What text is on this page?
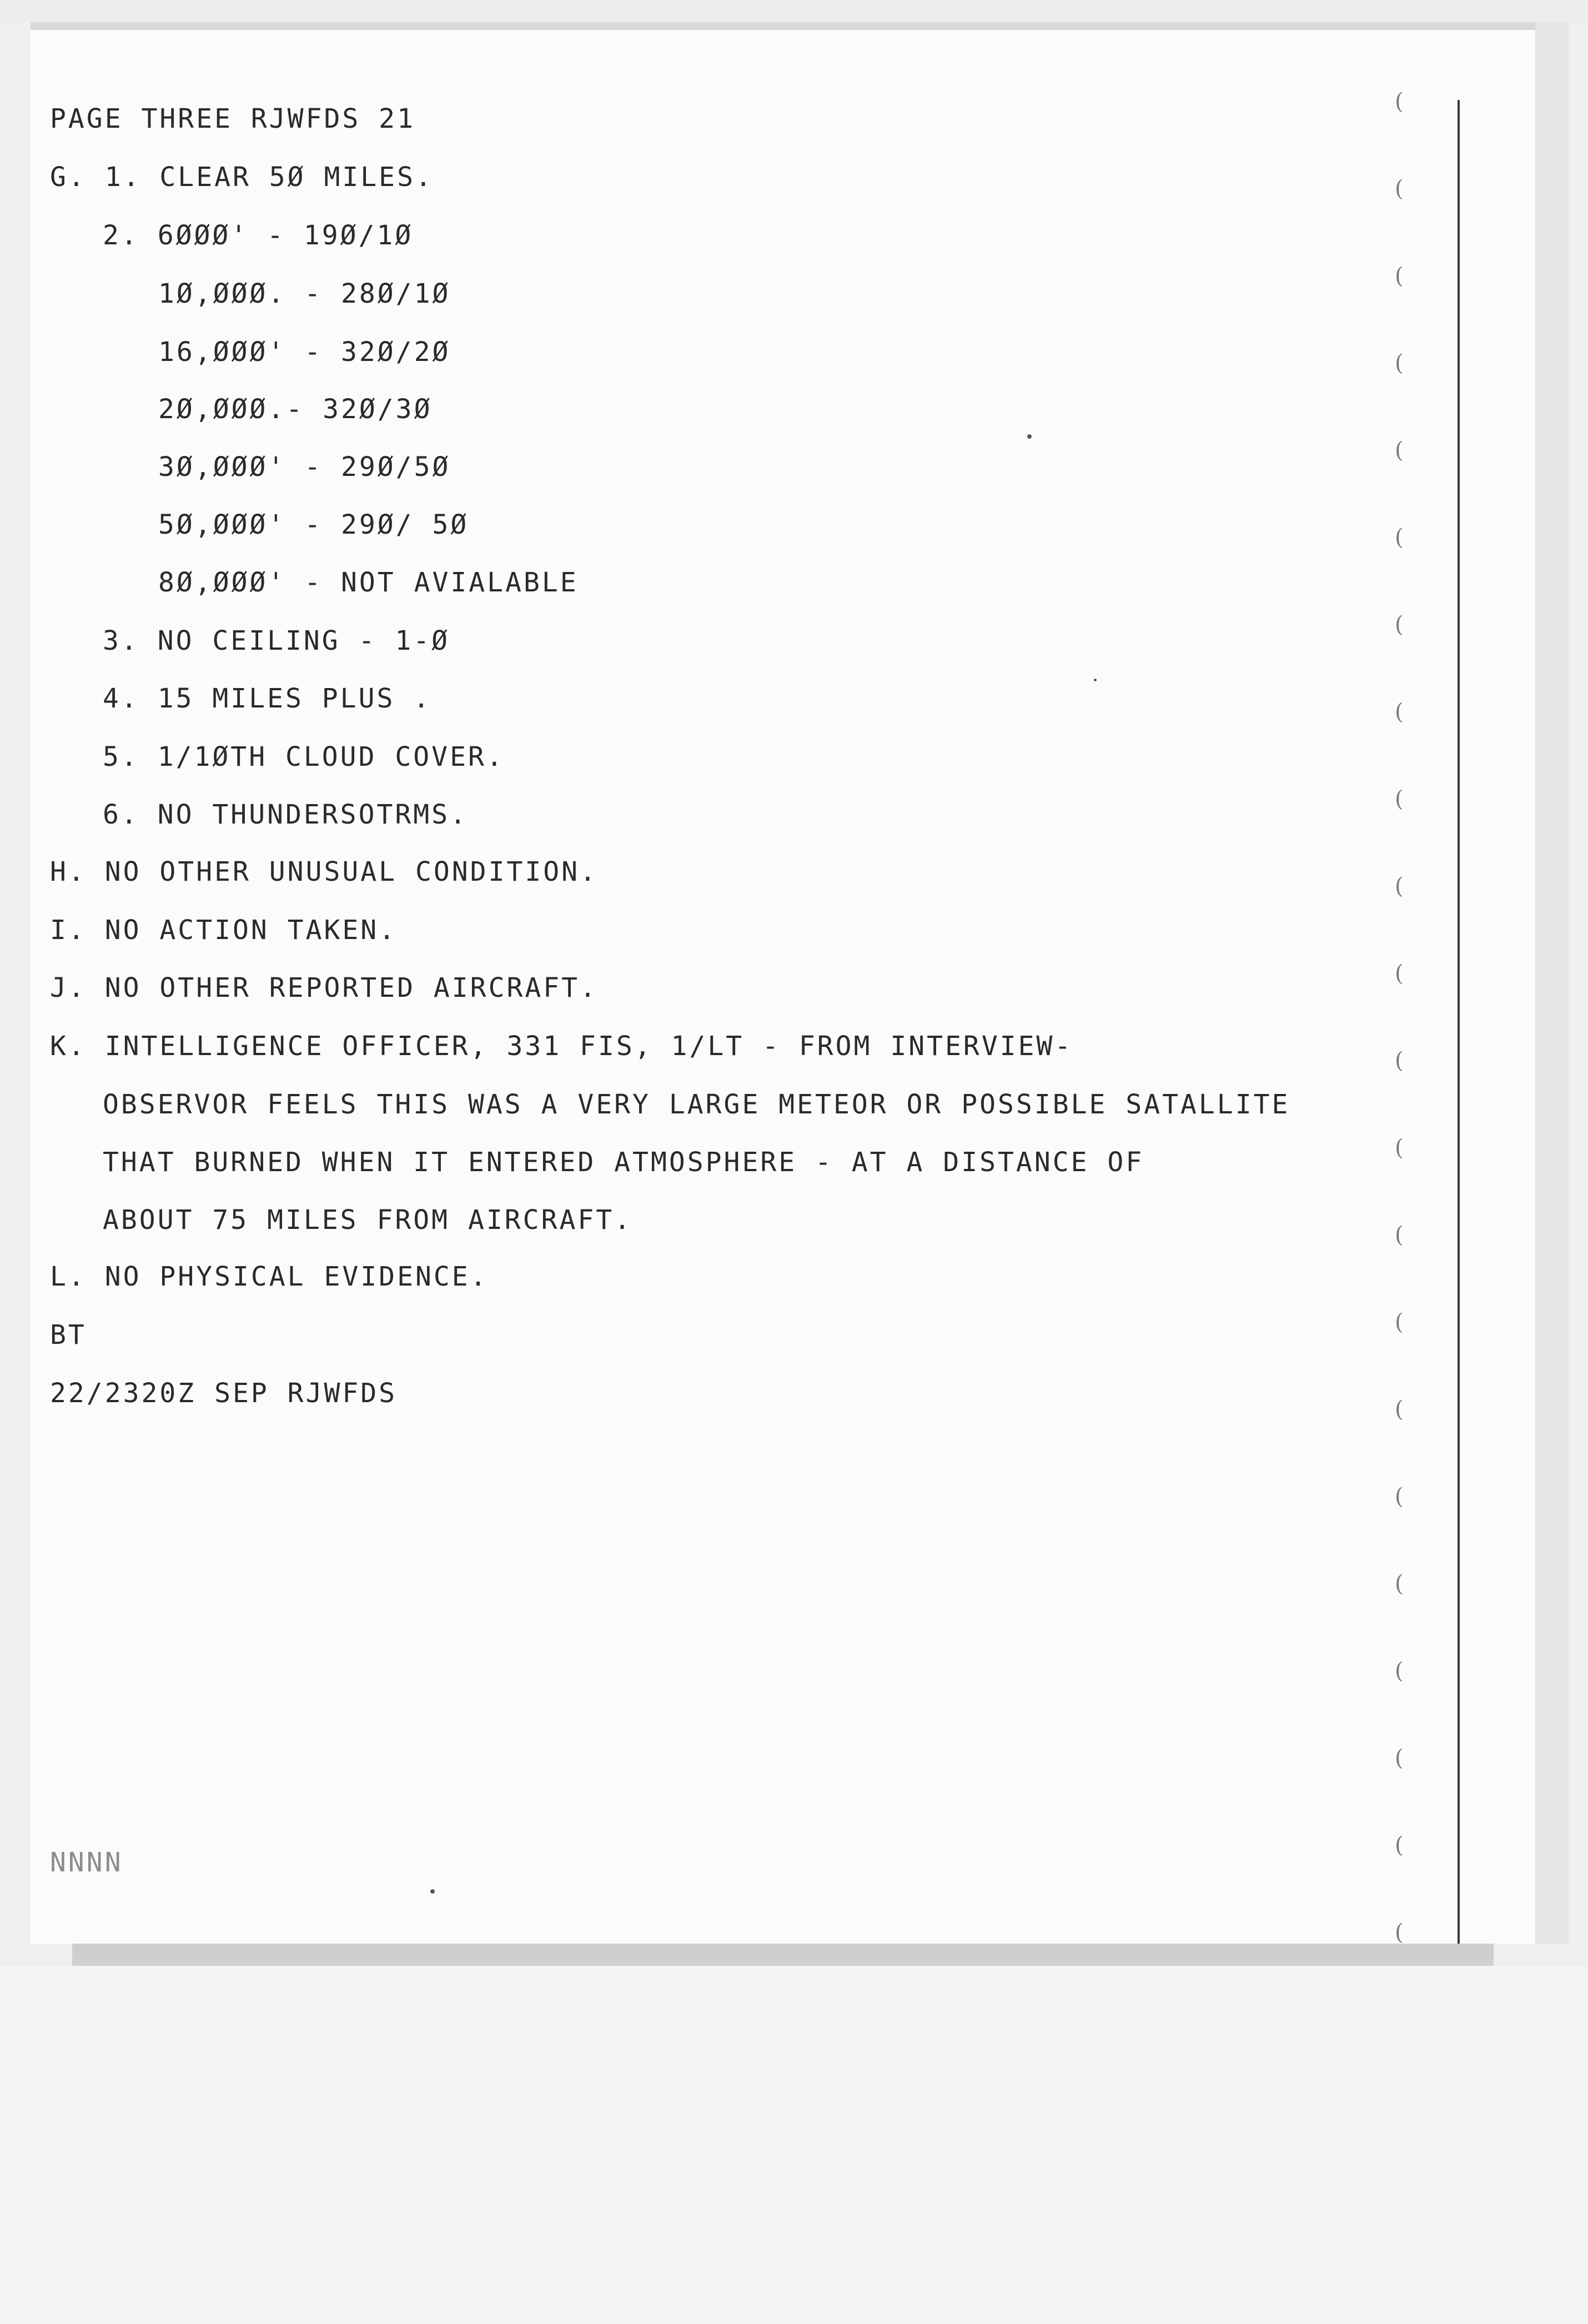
(
(
(
(
(
(
(
(
(
(
(
(
(
(
(
(
(
(
(
(
(
(
PAGE THREE RJWFDS 21
G. 1. CLEAR 5Ø MILES.
2. 6ØØØ' - 19Ø/1Ø
1Ø,ØØØ. - 28Ø/1Ø
16,ØØØ' - 32Ø/2Ø
2Ø,ØØØ.- 32Ø/3Ø
3Ø,ØØØ' - 29Ø/5Ø
5Ø,ØØØ' - 29Ø/ 5Ø
8Ø,ØØØ' - NOT AVIALABLE
3. NO CEILING - 1-Ø
4. 15 MILES PLUS .
5. 1/1ØTH CLOUD COVER.
6. NO THUNDERSOTRMS.
H. NO OTHER UNUSUAL CONDITION.
I. NO ACTION TAKEN.
J. NO OTHER REPORTED AIRCRAFT.
K. INTELLIGENCE OFFICER, 331 FIS, 1/LT - FROM INTERVIEW-
OBSERVOR FEELS THIS WAS A VERY LARGE METEOR OR POSSIBLE SATALLITE
THAT BURNED WHEN IT ENTERED ATMOSPHERE - AT A DISTANCE OF
ABOUT 75 MILES FROM AIRCRAFT.
L. NO PHYSICAL EVIDENCE.
BT
22/2320Z SEP RJWFDS
NNNN
